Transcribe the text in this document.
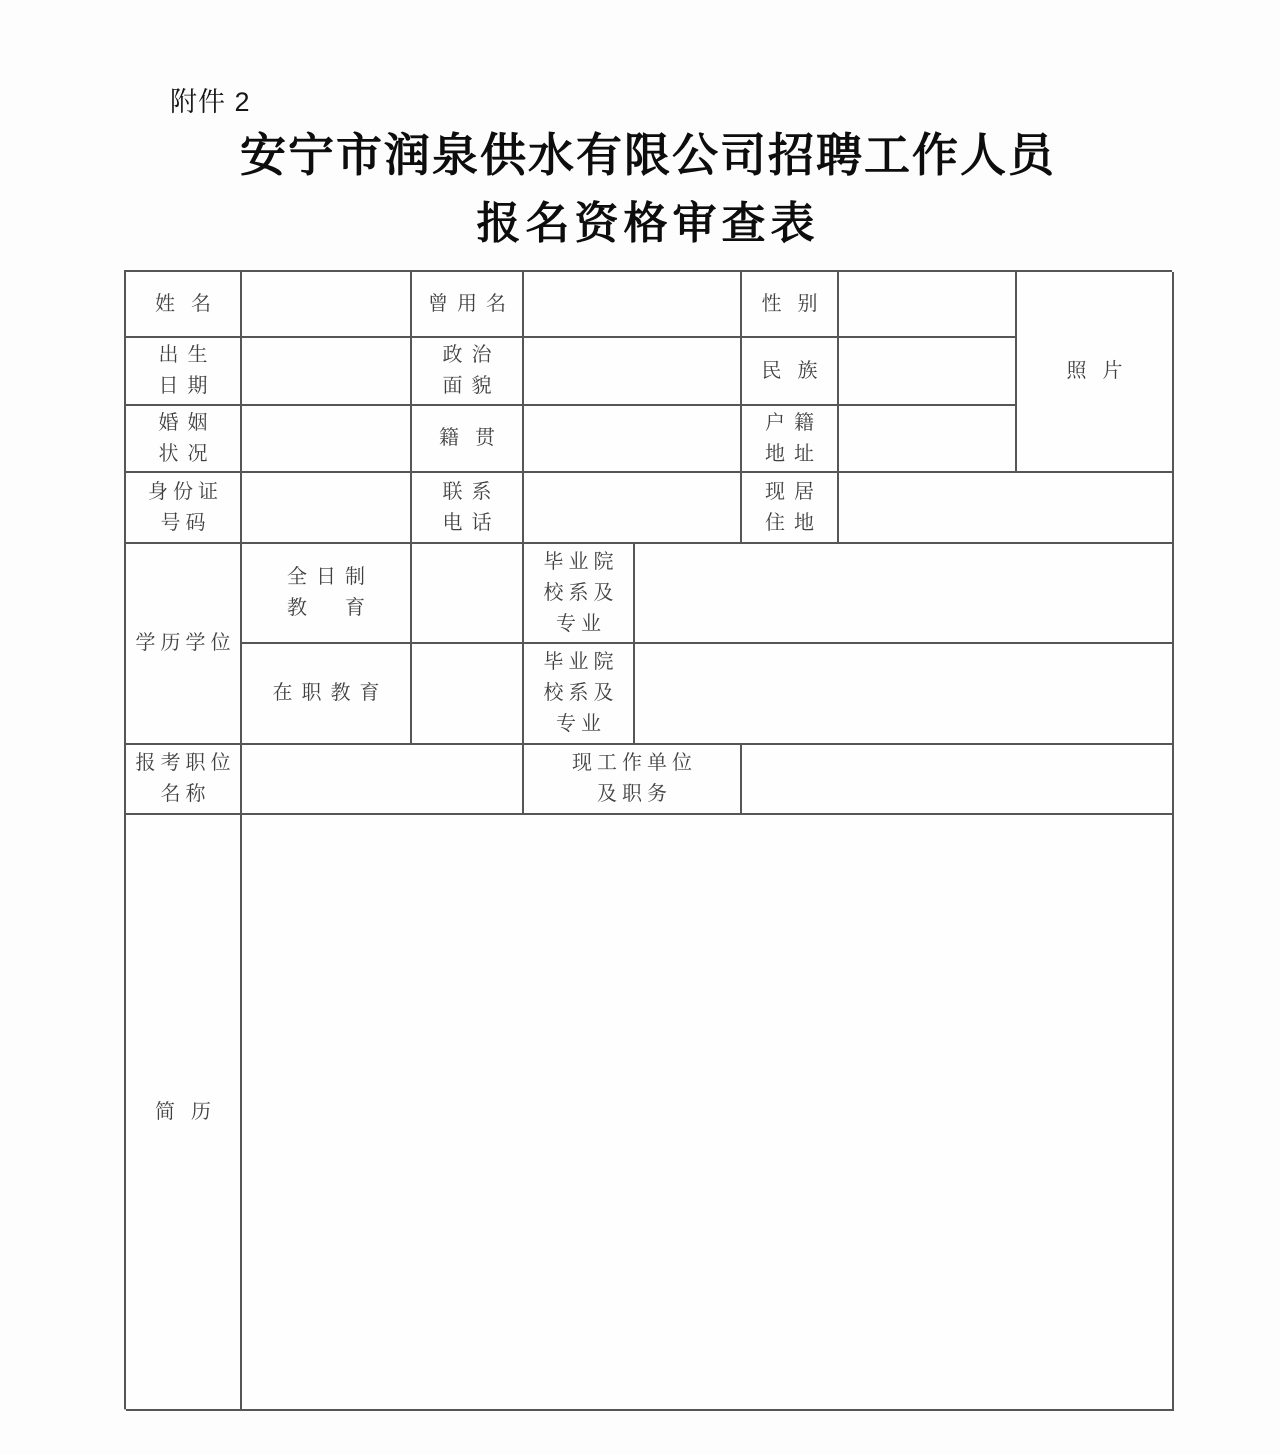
附件 2
安宁市润泉供水有限公司招聘工作人员
报名资格审查表
姓名	曾用名	性别
照片
出生
日期
政治
面貌
民族
婚姻
状况
籍贯
户籍
地址
身份证
号码
联系
电话
现居
住地
学历学位
全日制
教　育
毕业院
校系及
专业
在职教育
毕业院
校系及
专业
报考职位
名称
现工作单位
及职务
简历
